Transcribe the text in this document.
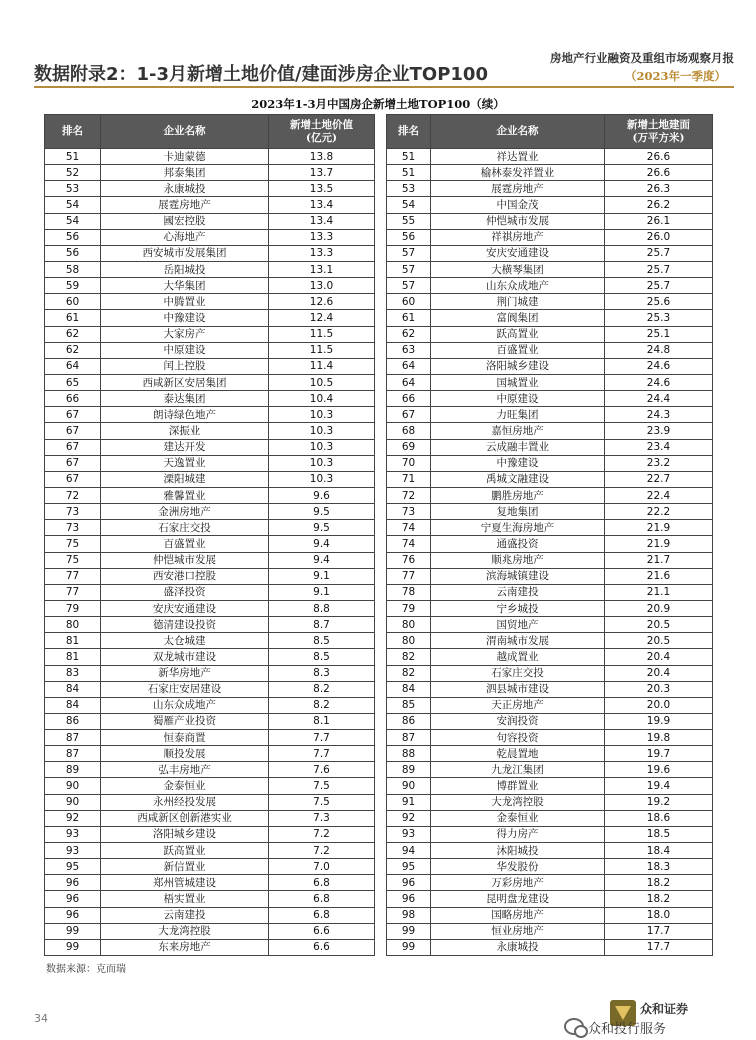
数据附录2：1-3月新增土地价值/建面涉房企业TOP100
房地产行业融资及重组市场观察月报
（2023年一季度）
2023年1-3月中国房企新增土地TOP100（续）
排名	企业名称	新增土地价值
(亿元)
51	卡迪蒙德	13.8
52	邦泰集团	13.7
53	永康城投	13.5
54	展霆房地产	13.4
54	國宏控股	13.4
56	心海地产	13.3
56	西安城市发展集团	13.3
58	岳阳城投	13.1
59	大华集团	13.0
60	中腾置业	12.6
61	中豫建设	12.4
62	大家房产	11.5
62	中原建设	11.5
64	闰上控股	11.4
65	西咸新区安居集团	10.5
66	泰达集团	10.4
67	朗诗绿色地产	10.3
67	深振业	10.3
67	建达开发	10.3
67	天逸置业	10.3
67	溧阳城建	10.3
72	雅馨置业	9.6
73	金洲房地产	9.5
73	石家庄交投	9.5
75	百盛置业	9.4
75	仲恺城市发展	9.4
77	西安港口控股	9.1
77	盛泽投资	9.1
79	安庆安通建设	8.8
80	德清建设投资	8.7
81	太仓城建	8.5
81	双龙城市建设	8.5
83	新华房地产	8.3
84	石家庄安居建设	8.2
84	山东众成地产	8.2
86	蜀雁产业投资	8.1
87	恒泰商置	7.7
87	顺投发展	7.7
89	弘丰房地产	7.6
90	金泰恒业	7.5
90	永州经投发展	7.5
92	西咸新区创新港实业	7.3
93	洛阳城乡建设	7.2
93	跃高置业	7.2
95	新信置业	7.0
96	郑州管城建设	6.8
96	梧实置业	6.8
96	云南建投	6.8
99	大龙湾控股	6.6
99	东来房地产	6.6
排名	企业名称	新增土地建面
(万平方米)
51	祥达置业	26.6
51	榆林泰发祥置业	26.6
53	展霆房地产	26.3
54	中国金茂	26.2
55	仲恺城市发展	26.1
56	祥祺房地产	26.0
57	安庆安通建设	25.7
57	大横琴集团	25.7
57	山东众成地产	25.7
60	荆门城建	25.6
61	富阆集团	25.3
62	跃高置业	25.1
63	百盛置业	24.8
64	洛阳城乡建设	24.6
64	国城置业	24.6
66	中原建设	24.4
67	力旺集团	24.3
68	嘉恒房地产	23.9
69	云成融丰置业	23.4
70	中豫建设	23.2
71	禹城文融建设	22.7
72	鹏胜房地产	22.4
73	复地集团	22.2
74	宁夏生海房地产	21.9
74	通盛投资	21.9
76	顺兆房地产	21.7
77	滨海城镇建设	21.6
78	云南建投	21.1
79	宁乡城投	20.9
80	国贸地产	20.5
80	渭南城市发展	20.5
82	越成置业	20.4
82	石家庄交投	20.4
84	泗县城市建设	20.3
85	天正房地产	20.0
86	安润投资	19.9
87	句容投资	19.8
88	乾晨置地	19.7
89	九龙江集团	19.6
90	博群置业	19.4
91	大龙湾控股	19.2
92	金泰恒业	18.6
93	得力房产	18.5
94	沐阳城投	18.4
95	华发股份	18.3
96	万彩房地产	18.2
96	昆明盘龙建设	18.2
98	国略房地产	18.0
99	恒业房地产	17.7
99	永康城投	17.7
数据来源：克而瑞
34
众和证券
众和投行服务
